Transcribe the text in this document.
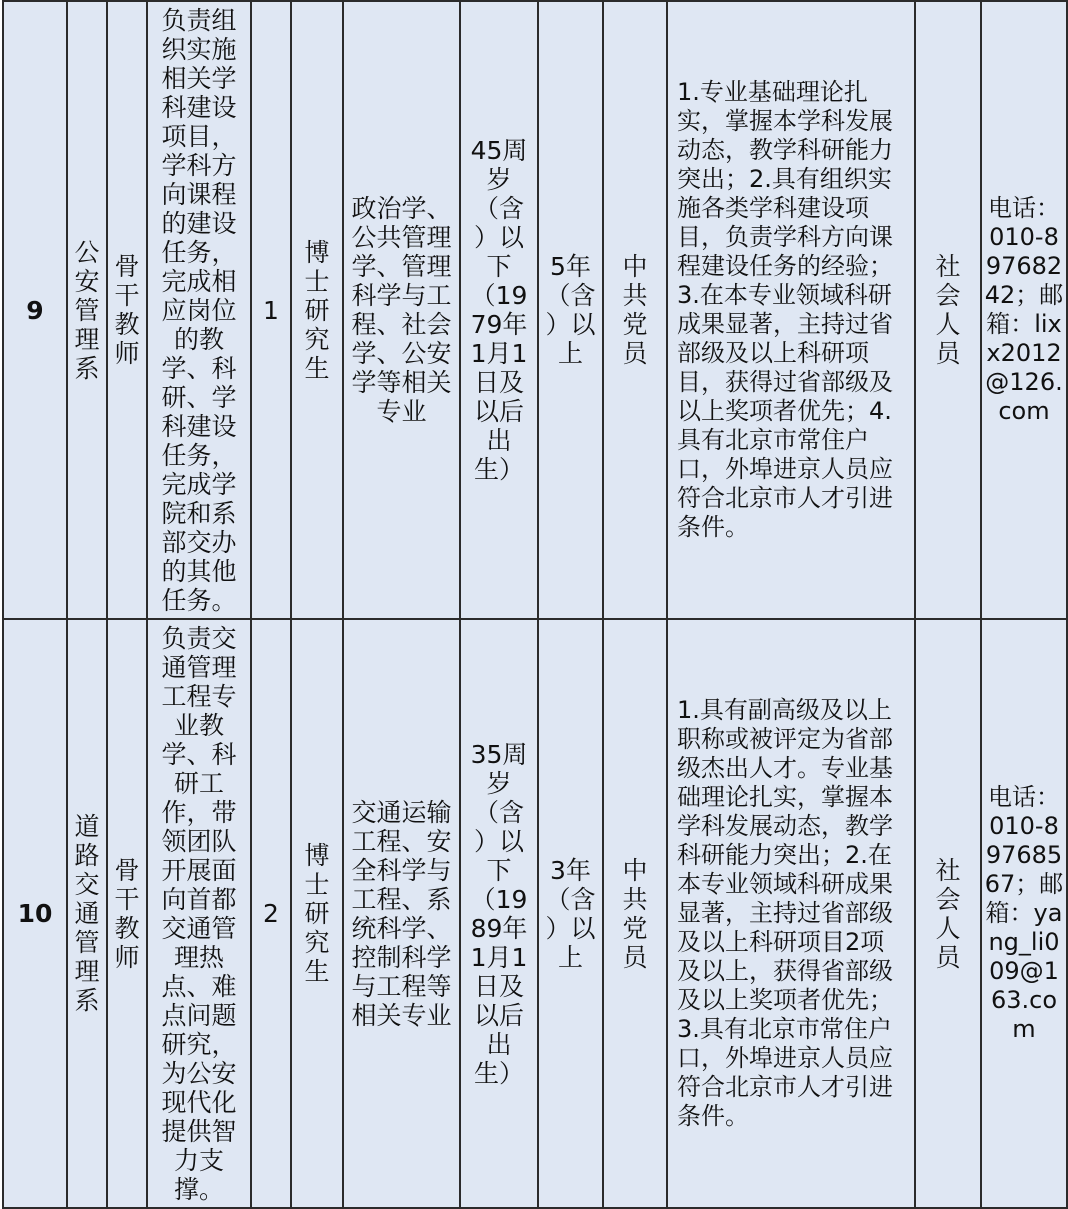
9	公安管理系	骨干教师	负责组织实施相关学科建设项目，学科方向课程的建设任务，完成相应岗位的教学、科研、学科建设任务，完成学院和系部交办的其他任务。	1	博士研究生	政治学、公共管理学、管理科学与工程、社会学、公安学等相关专业	45周岁（含）以下（1979年1月1日及以后出生）	5年（含）以上	中共党员	1.专业基础理论扎实，掌握本学科发展动态，教学科研能力突出；2.具有组织实施各类学科建设项目，负责学科方向课程建设任务的经验；3.在本专业领域科研成果显著，主持过省部级及以上科研项目，获得过省部级及以上奖项者优先；4.具有北京市常住户口，外埠进京人员应符合北京市人才引进条件。	社会人员	电话：010-89768242；邮箱：lixx2012@126.com

10	道路交通管理系	骨干教师	负责交通管理工程专业教学、科研工作，带领团队开展面向首都交通管理热点、难点问题研究，为公安现代化提供智力支撑。	2	博士研究生	交通运输工程、安全科学与工程、系统科学、控制科学与工程等相关专业	35周岁（含）以下（1989年1月1日及以后出生）	3年（含）以上	中共党员	1.具有副高级及以上职称或被评定为省部级杰出人才。专业基础理论扎实，掌握本学科发展动态，教学科研能力突出；2.在本专业领域科研成果显著，主持过省部级及以上科研项目2项及以上，获得省部级及以上奖项者优先；3.具有北京市常住户口，外埠进京人员应符合北京市人才引进条件。	社会人员	电话：010-89768567；邮箱：yang_li009@163.com
